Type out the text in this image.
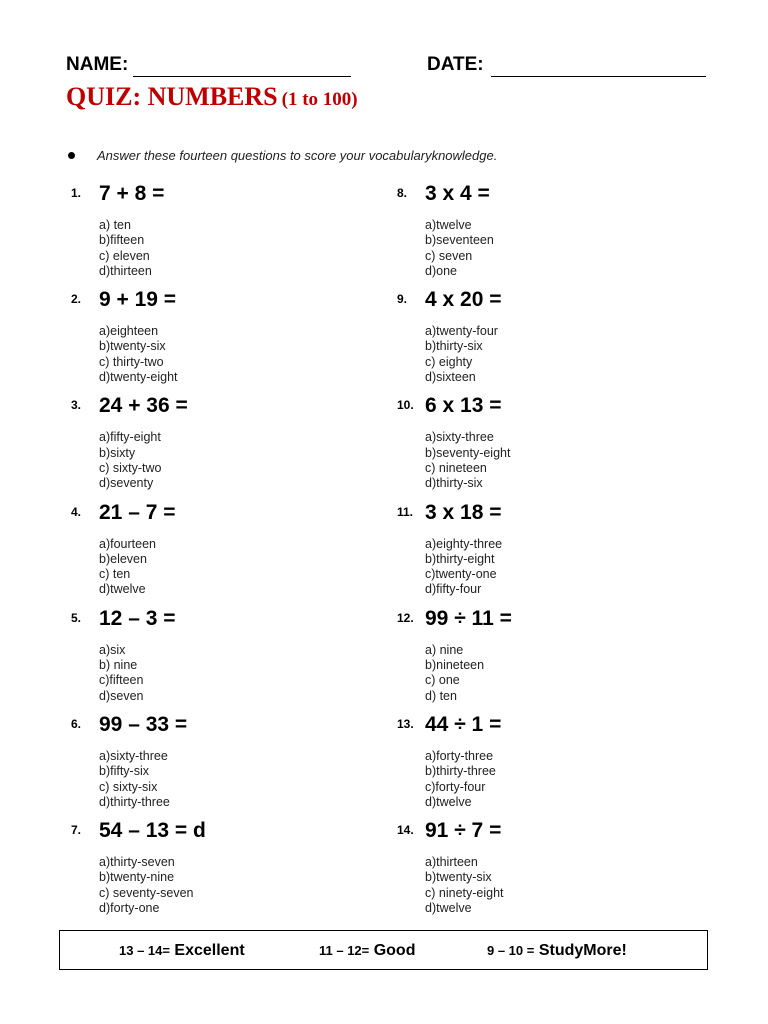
NAME:	DATE:
QUIZ: NUMBERS (1 to 100)
Answer these fourteen questions to score your vocabularyknowledge.
1. 7 + 8 =
a) ten
b)fifteen
c) eleven
d)thirteen
2. 9 + 19 =
a)eighteen
b)twenty-six
c) thirty-two
d)twenty-eight
3. 24 + 36 =
a)fifty-eight
b)sixty
c) sixty-two
d)seventy
4. 21 – 7 =
a)fourteen
b)eleven
c) ten
d)twelve
5. 12 – 3 =
a)six
b) nine
c)fifteen
d)seven
6. 99 – 33 =
a)sixty-three
b)fifty-six
c) sixty-six
d)thirty-three
7. 54 – 13 = d
a)thirty-seven
b)twenty-nine
c) seventy-seven
d)forty-one
8. 3 x 4 =
a)twelve
b)seventeen
c) seven
d)one
9. 4 x 20 =
a)twenty-four
b)thirty-six
c) eighty
d)sixteen
10. 6 x 13 =
a)sixty-three
b)seventy-eight
c) nineteen
d)thirty-six
11. 3 x 18 =
a)eighty-three
b)thirty-eight
c)twenty-one
d)fifty-four
12. 99 ÷ 11 =
a) nine
b)nineteen
c) one
d) ten
13. 44 ÷ 1 =
a)forty-three
b)thirty-three
c)forty-four
d)twelve
14. 91 ÷ 7 =
a)thirteen
b)twenty-six
c) ninety-eight
d)twelve
13 – 14= Excellent	11 – 12= Good	9 – 10 = StudyMore!
